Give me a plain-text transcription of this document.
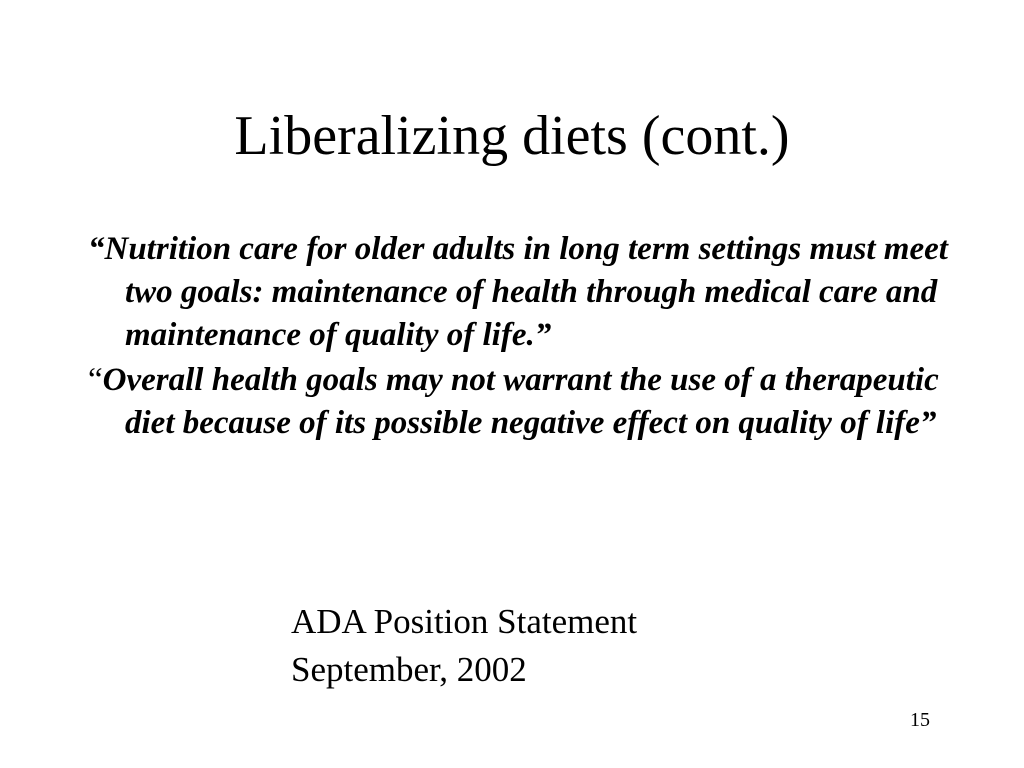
Liberalizing diets (cont.)

“Nutrition care for older adults in long term settings must meet two goals: maintenance of health through medical care and maintenance of quality of life.”

“Overall health goals may not warrant the use of a therapeutic diet because of its possible negative effect on quality of life”

ADA Position Statement
September, 2002
15
